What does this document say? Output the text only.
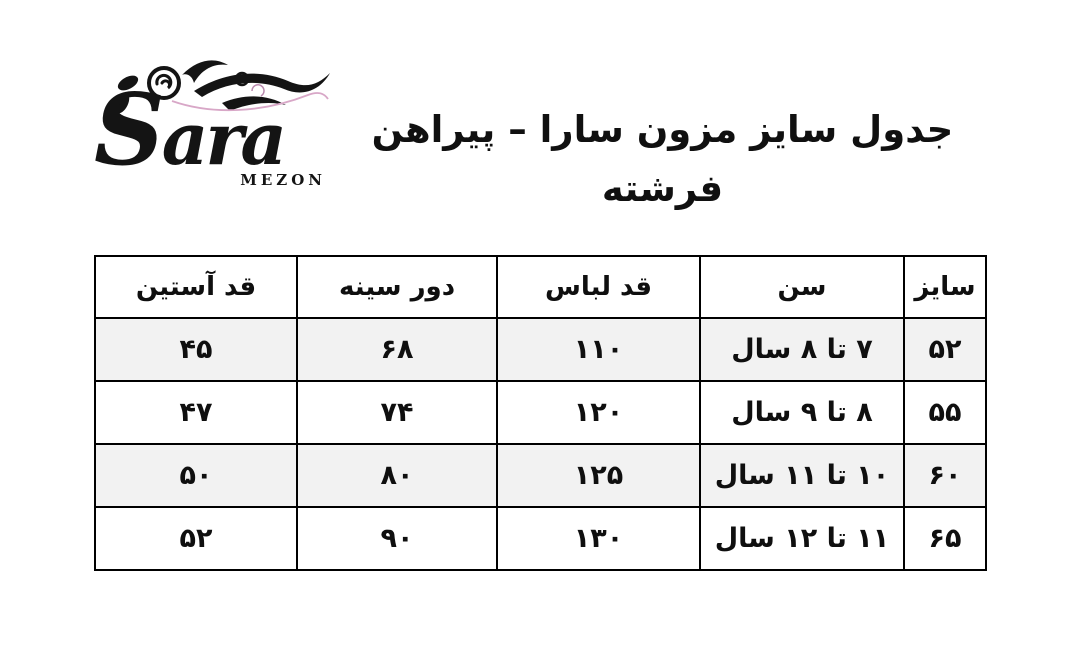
Sara
MEZON
جدول سایز مزون سارا – پیراهن فرشته
سایز	سن	قد لباس	دور سینه	قد آستین
۵۲	۷ تا ۸ سال	۱۱۰	۶۸	۴۵
۵۵	۸ تا ۹ سال	۱۲۰	۷۴	۴۷
۶۰	۱۰ تا ۱۱ سال	۱۲۵	۸۰	۵۰
۶۵	۱۱ تا ۱۲ سال	۱۳۰	۹۰	۵۲
